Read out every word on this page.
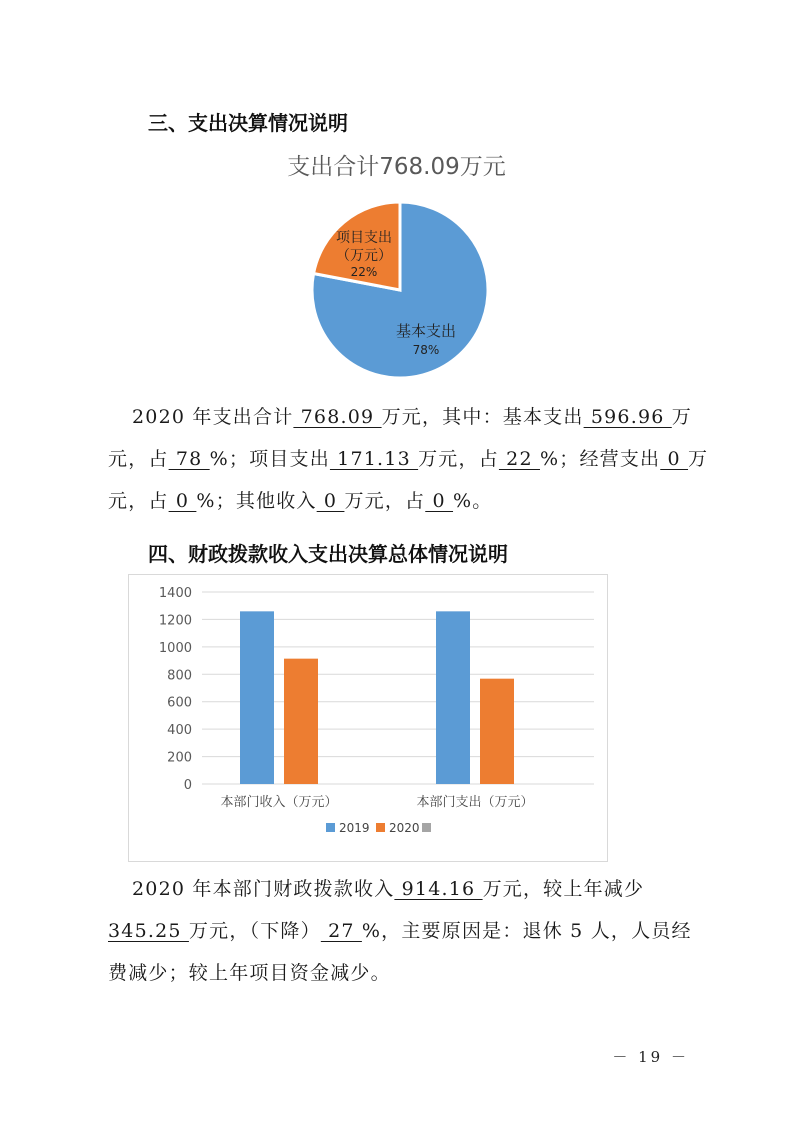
三、支出决算情况说明
支出合计768.09万元
项目支出
（万元）
22%
基本支出
78%
2020 年支出合计 768.09 万元，其中：基本支出 596.96 万
元，占 78 %；项目支出 171.13 万元，占 22 %；经营支出 0 万
元，占 0 %；其他收入 0 万元，占 0 %。
四、财政拨款收入支出决算总体情况说明
0
200
400
600
800
1000
1200
1400
本部门收入（万元）	本部门支出（万元）
2019 2020
2020 年本部门财政拨款收入 914.16 万元，较上年减少
345.25 万元，（下降） 27 %，主要原因是：退休 5 人，人员经
费减少；较上年项目资金减少。
－ 19 －
